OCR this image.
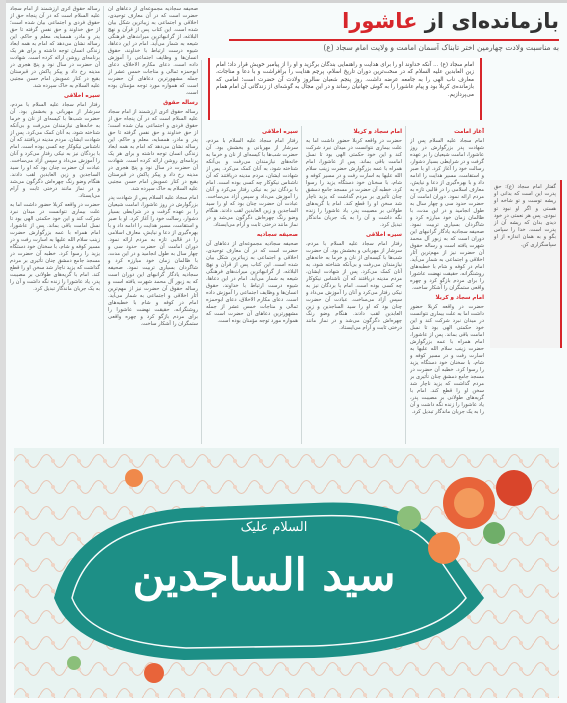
بازمانده‌ای از عاشورا
به مناسبت ولادت چهارمین اختر تابناک آسمان امامت و ولایت امام سجاد (ع)
امام سجاد (ع) ... آنکه خداوند او را برای هدایت و راهنمایی بندگان برگزید و او را از پیامبر خویش قرار داد؛ امام زین العابدین علیه السلام که در سخت‌ترین دوران تاریخ اسلام، پرچم هدایت را برافراشت و با دعا و مناجات، معارف ناب الهی را به جامعه عرضه داشت. روز پنجم شعبان سالروز ولادت آن حضرت است؛ امامی که بازمانده‌ی کربلا بود و پیام عاشورا را به گوش جهانیان رساند و در این مجال به گوشه‌ای از زندگانی آن امام همام می‌پردازیم.
آغاز امامت

امام سجاد علیه السلام پس از شهادت پدر بزرگوارش در روز عاشورا، امامت شیعیان را بر عهده گرفت و در شرایطی بسیار دشوار، رسالت خود را آغاز کرد. او با صبر و استقامت، مسیر هدایت را ادامه داد و با بهره‌گیری از دعا و نیایش، معارف اسلامی را در قالبی تازه به مردم ارائه نمود. دوران امامت آن حضرت حدود سی و چهار سال به طول انجامید و در این مدت، با ظالمان زمان خود مبارزه کرد و شاگردان بسیاری تربیت نمود. صحیفه سجادیه یادگار گرانبهای این دوران است که به زبور آل محمد شهرت یافته است و رساله حقوق آن حضرت نیز از مهم‌ترین آثار اخلاقی و اجتماعی به شمار می‌آید. امام در کوفه و شام با خطبه‌های روشنگرانه، حقیقت نهضت عاشورا را برای مردم بازگو کرد و چهره واقعی ستمگران را آشکار ساخت.

امام سجاد و کربلا

حضرت در واقعه کربلا حضور داشت اما به علت بیماری نتوانست در میدان نبرد شرکت کند و این خود حکمتی الهی بود تا نسل امامت باقی بماند. پس از عاشورا، امام همراه با عمه بزرگوارش حضرت زینب سلام الله علیها به اسارت رفت و در مسیر کوفه و شام، با سخنان خود دستگاه یزید را رسوا کرد. خطبه آن حضرت در مسجد جامع دمشق چنان تأثیری بر مردم گذاشت که یزید ناچار شد سخن او را قطع کند. امام با گریه‌های طولانی بر مصیبت پدر، یاد عاشورا را زنده نگه داشت و آن را به یک جریان ماندگار تبدیل کرد.

امام سجاد و کربلا

حضرت در واقعه کربلا حضور داشت اما به علت بیماری نتوانست در میدان نبرد شرکت کند و این خود حکمتی الهی بود تا نسل امامت باقی بماند. پس از عاشورا، امام همراه با عمه بزرگوارش حضرت زینب سلام الله علیها به اسارت رفت و در مسیر کوفه و شام، با سخنان خود دستگاه یزید را رسوا کرد. خطبه آن حضرت در مسجد جامع دمشق چنان تأثیری بر مردم گذاشت که یزید ناچار شد سخن او را قطع کند. امام با گریه‌های طولانی بر مصیبت پدر، یاد عاشورا را زنده نگه داشت و آن را به یک جریان ماندگار تبدیل کرد.

سیره اخلاقی

رفتار امام سجاد علیه السلام با مردم، سرشار از مهربانی و بخشش بود. آن حضرت شب‌ها با کیسه‌ای از نان و خرما به خانه‌های نیازمندان می‌رفت و بی‌آنکه شناخته شود، به آنان کمک می‌کرد. پس از شهادت ایشان، مردم مدینه دریافتند که آن ناشناس نیکوکار چه کسی بوده است. امام با بردگان نیز به نیکی رفتار می‌کرد و آنان را آموزش می‌داد و سپس آزاد می‌ساخت. عبادت آن حضرت چنان بود که او را سید الساجدین و زین العابدین لقب دادند. هنگام وضو رنگ چهره‌اش دگرگون می‌شد و در نماز مانند درختی ثابت و آرام می‌ایستاد.

سیره اخلاقی

رفتار امام سجاد علیه السلام با مردم، سرشار از مهربانی و بخشش بود. آن حضرت شب‌ها با کیسه‌ای از نان و خرما به خانه‌های نیازمندان می‌رفت و بی‌آنکه شناخته شود، به آنان کمک می‌کرد. پس از شهادت ایشان، مردم مدینه دریافتند که آن ناشناس نیکوکار چه کسی بوده است. امام با بردگان نیز به نیکی رفتار می‌کرد و آنان را آموزش می‌داد و سپس آزاد می‌ساخت. عبادت آن حضرت چنان بود که او را سید الساجدین و زین العابدین لقب دادند. هنگام وضو رنگ چهره‌اش دگرگون می‌شد و در نماز مانند درختی ثابت و آرام می‌ایستاد.

صحیفه سجادیه

صحیفه سجادیه مجموعه‌ای از دعاهای آن حضرت است که در آن معارف توحیدی، اخلاقی و اجتماعی به زیباترین شکل بیان شده است. این کتاب پس از قرآن و نهج البلاغه، از گرانبهاترین میراث‌های فرهنگی شیعه به شمار می‌آید. امام در این دعاها، شیوه درست ارتباط با خداوند، حقوق انسان‌ها و وظایف اجتماعی را آموزش داده است. دعای مکارم الاخلاق، دعای ابوحمزه ثمالی و مناجات خمس عشر از جمله مشهورترین دعاهای آن حضرت است که همواره مورد توجه مؤمنان بوده است.

صحیفه سجادیه مجموعه‌ای از دعاهای آن حضرت است که در آن معارف توحیدی، اخلاقی و اجتماعی به زیباترین شکل بیان شده است. این کتاب پس از قرآن و نهج البلاغه، از گرانبهاترین میراث‌های فرهنگی شیعه به شمار می‌آید. امام در این دعاها، شیوه درست ارتباط با خداوند، حقوق انسان‌ها و وظایف اجتماعی را آموزش داده است. دعای مکارم الاخلاق، دعای ابوحمزه ثمالی و مناجات خمس عشر از جمله مشهورترین دعاهای آن حضرت است که همواره مورد توجه مؤمنان بوده است.

رساله حقوق

رساله حقوق اثری ارزشمند از امام سجاد علیه السلام است که در آن پنجاه حق از حقوق فردی و اجتماعی بیان شده است؛ از حق خداوند و حق نفس گرفته تا حق پدر و مادر، همسایه، معلم و حاکم. این رساله نشان می‌دهد که امام به همه ابعاد زندگی انسان توجه داشته و برای هر یک برنامه‌ای روشن ارائه کرده است. شهادت آن حضرت در سال نود و پنج هجری در مدینه رخ داد و پیکر پاکش در قبرستان بقیع در کنار عمویش امام حسن مجتبی علیه السلام به خاک سپرده شد.

امام سجاد علیه السلام پس از شهادت پدر بزرگوارش در روز عاشورا، امامت شیعیان را بر عهده گرفت و در شرایطی بسیار دشوار، رسالت خود را آغاز کرد. او با صبر و استقامت، مسیر هدایت را ادامه داد و با بهره‌گیری از دعا و نیایش، معارف اسلامی را در قالبی تازه به مردم ارائه نمود. دوران امامت آن حضرت حدود سی و چهار سال به طول انجامید و در این مدت، با ظالمان زمان خود مبارزه کرد و شاگردان بسیاری تربیت نمود. صحیفه سجادیه یادگار گرانبهای این دوران است که به زبور آل محمد شهرت یافته است و رساله حقوق آن حضرت نیز از مهم‌ترین آثار اخلاقی و اجتماعی به شمار می‌آید. امام در کوفه و شام با خطبه‌های روشنگرانه، حقیقت نهضت عاشورا را برای مردم بازگو کرد و چهره واقعی ستمگران را آشکار ساخت.

رساله حقوق اثری ارزشمند از امام سجاد علیه السلام است که در آن پنجاه حق از حقوق فردی و اجتماعی بیان شده است؛ از حق خداوند و حق نفس گرفته تا حق پدر و مادر، همسایه، معلم و حاکم. این رساله نشان می‌دهد که امام به همه ابعاد زندگی انسان توجه داشته و برای هر یک برنامه‌ای روشن ارائه کرده است. شهادت آن حضرت در سال نود و پنج هجری در مدینه رخ داد و پیکر پاکش در قبرستان بقیع در کنار عمویش امام حسن مجتبی علیه السلام به خاک سپرده شد.

سیره اخلاقی

رفتار امام سجاد علیه السلام با مردم، سرشار از مهربانی و بخشش بود. آن حضرت شب‌ها با کیسه‌ای از نان و خرما به خانه‌های نیازمندان می‌رفت و بی‌آنکه شناخته شود، به آنان کمک می‌کرد. پس از شهادت ایشان، مردم مدینه دریافتند که آن ناشناس نیکوکار چه کسی بوده است. امام با بردگان نیز به نیکی رفتار می‌کرد و آنان را آموزش می‌داد و سپس آزاد می‌ساخت. عبادت آن حضرت چنان بود که او را سید الساجدین و زین العابدین لقب دادند. هنگام وضو رنگ چهره‌اش دگرگون می‌شد و در نماز مانند درختی ثابت و آرام می‌ایستاد.

حضرت در واقعه کربلا حضور داشت اما به علت بیماری نتوانست در میدان نبرد شرکت کند و این خود حکمتی الهی بود تا نسل امامت باقی بماند. پس از عاشورا، امام همراه با عمه بزرگوارش حضرت زینب سلام الله علیها به اسارت رفت و در مسیر کوفه و شام، با سخنان خود دستگاه یزید را رسوا کرد. خطبه آن حضرت در مسجد جامع دمشق چنان تأثیری بر مردم گذاشت که یزید ناچار شد سخن او را قطع کند. امام با گریه‌های طولانی بر مصیبت پدر، یاد عاشورا را زنده نگه داشت و آن را به یک جریان ماندگار تبدیل کرد.

گفتار امام سجاد (ع): حق پدرت این است که بدانی او ریشه توست و تو شاخه او هستی و اگر او نبود تو نبودی. پس هر نعمتی در خود دیدی بدان که ریشه آن از پدرت است. خدا را سپاس بگو و به همان اندازه از او سپاسگزاری کن.
السلام علیک
سید الساجدین
